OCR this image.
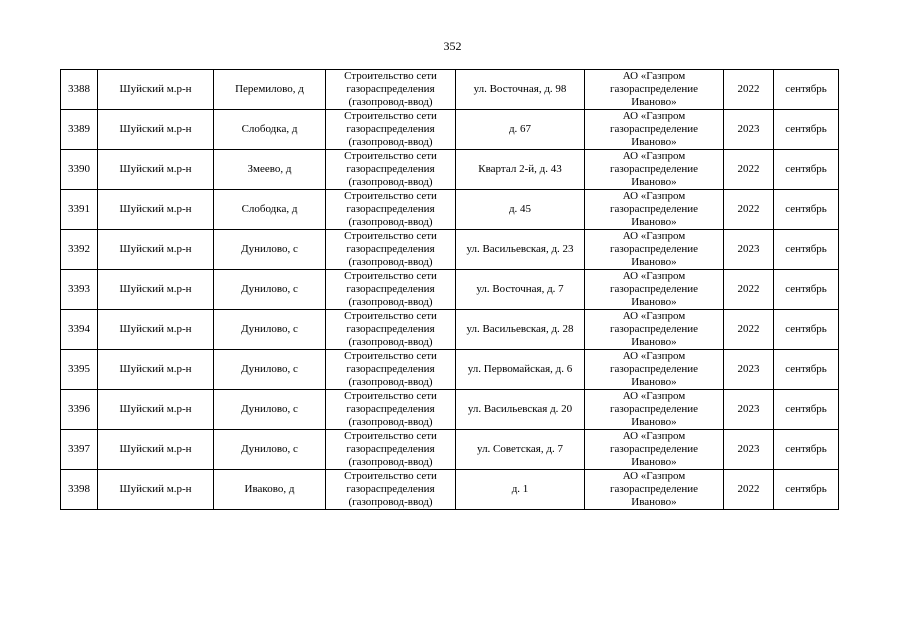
352
3388	Шуйский м.р-н	Перемилово, д	Строительство сети
газораспределения
(газопровод-ввод)	ул. Восточная, д. 98	АО «Газпром
газораспределение
Иваново»	2022	сентябрь
3389	Шуйский м.р-н	Слободка, д	Строительство сети
газораспределения
(газопровод-ввод)	д. 67	АО «Газпром
газораспределение
Иваново»	2023	сентябрь
3390	Шуйский м.р-н	Змеево, д	Строительство сети
газораспределения
(газопровод-ввод)	Квартал 2-й, д. 43	АО «Газпром
газораспределение
Иваново»	2022	сентябрь
3391	Шуйский м.р-н	Слободка, д	Строительство сети
газораспределения
(газопровод-ввод)	д. 45	АО «Газпром
газораспределение
Иваново»	2022	сентябрь
3392	Шуйский м.р-н	Дунилово, с	Строительство сети
газораспределения
(газопровод-ввод)	ул. Васильевская, д. 23	АО «Газпром
газораспределение
Иваново»	2023	сентябрь
3393	Шуйский м.р-н	Дунилово, с	Строительство сети
газораспределения
(газопровод-ввод)	ул. Восточная, д. 7	АО «Газпром
газораспределение
Иваново»	2022	сентябрь
3394	Шуйский м.р-н	Дунилово, с	Строительство сети
газораспределения
(газопровод-ввод)	ул. Васильевская, д. 28	АО «Газпром
газораспределение
Иваново»	2022	сентябрь
3395	Шуйский м.р-н	Дунилово, с	Строительство сети
газораспределения
(газопровод-ввод)	ул. Первомайская, д. 6	АО «Газпром
газораспределение
Иваново»	2023	сентябрь
3396	Шуйский м.р-н	Дунилово, с	Строительство сети
газораспределения
(газопровод-ввод)	ул. Васильевская д. 20	АО «Газпром
газораспределение
Иваново»	2023	сентябрь
3397	Шуйский м.р-н	Дунилово, с	Строительство сети
газораспределения
(газопровод-ввод)	ул. Советская, д. 7	АО «Газпром
газораспределение
Иваново»	2023	сентябрь
3398	Шуйский м.р-н	Иваково, д	Строительство сети
газораспределения
(газопровод-ввод)	д. 1	АО «Газпром
газораспределение
Иваново»	2022	сентябрь
